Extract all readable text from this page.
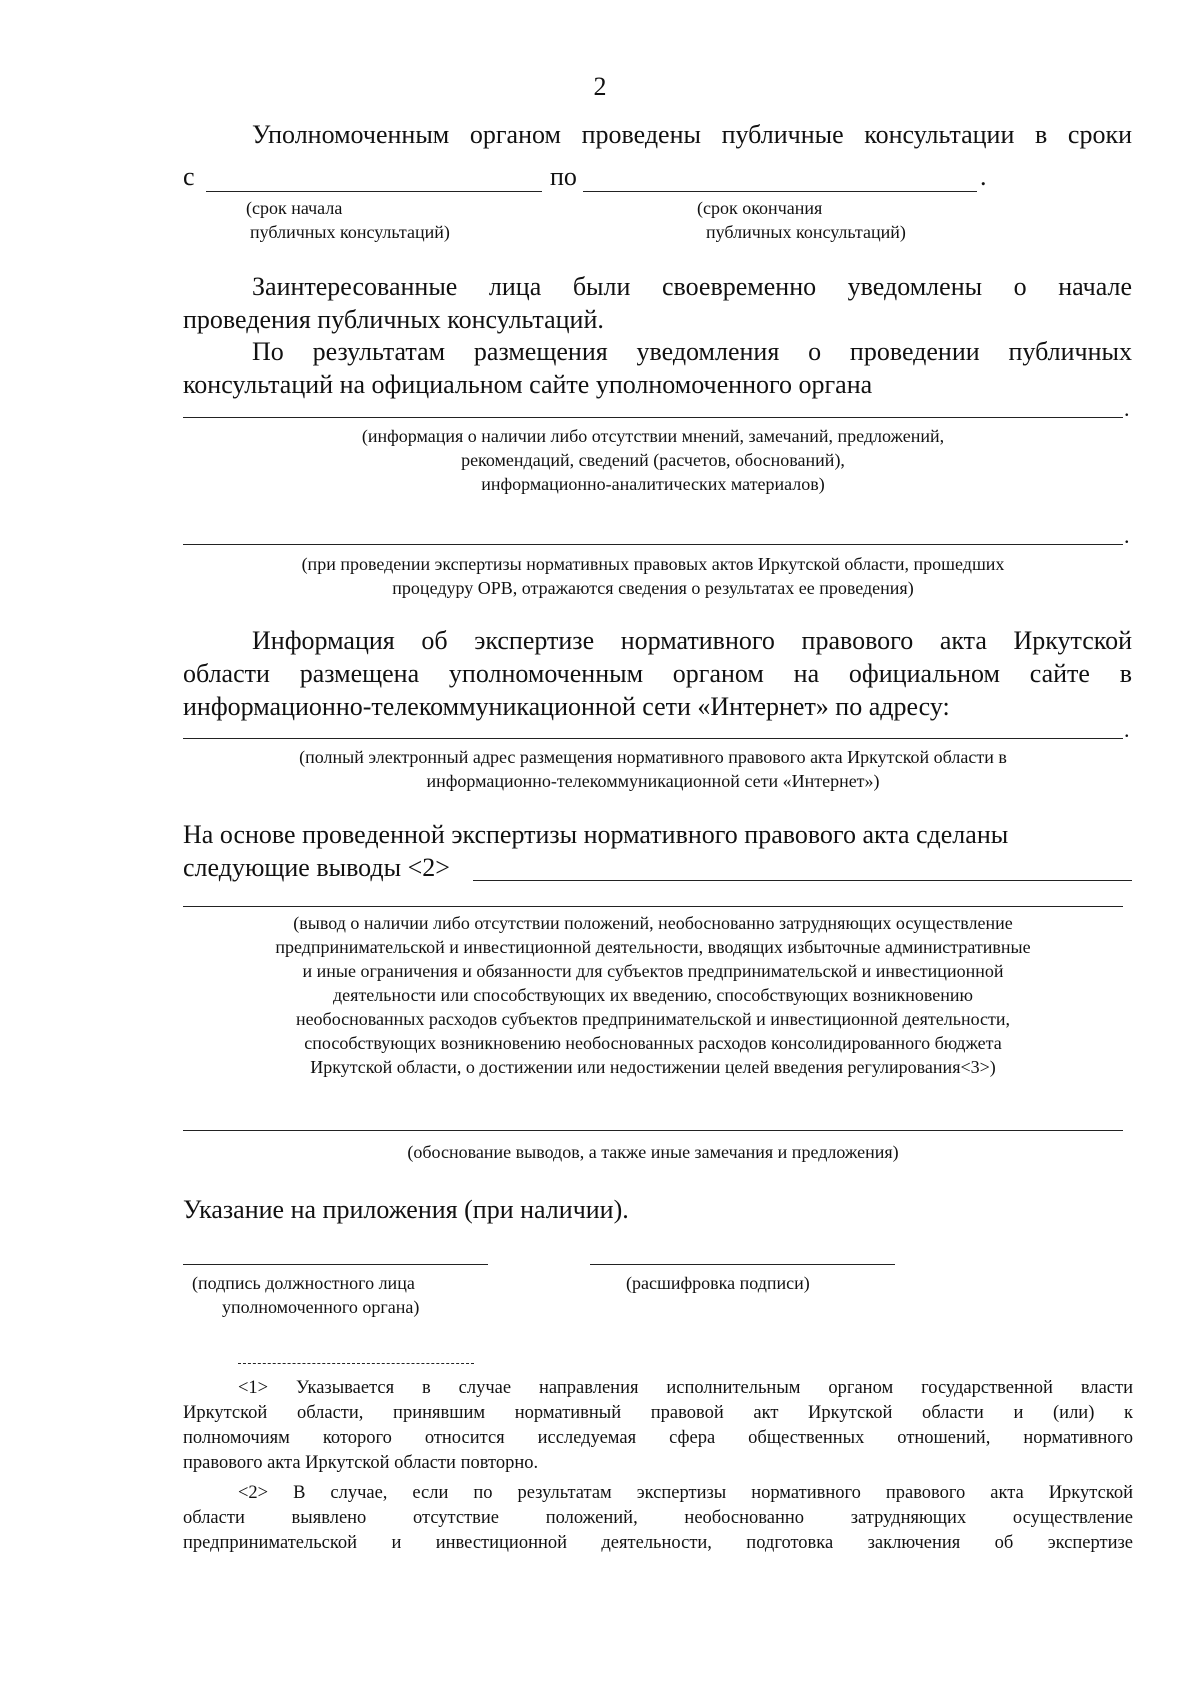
2
Уполномоченным органом проведены публичные консультации в сроки
с	по	.
(срок начала
публичных консультаций)
(срок окончания
публичных консультаций)
Заинтересованные лица были своевременно уведомлены о начале
проведения публичных консультаций.
По результатам размещения уведомления о проведении публичных
консультаций на официальном сайте уполномоченного органа
.
(информация о наличии либо отсутствии мнений, замечаний, предложений,
рекомендаций, сведений (расчетов, обоснований),
информационно-аналитических материалов)
.
(при проведении экспертизы нормативных правовых актов Иркутской области, прошедших
процедуру ОРВ, отражаются сведения о результатах ее проведения)
Информация об экспертизе нормативного правового акта Иркутской
области размещена уполномоченным органом на официальном сайте в
информационно-телекоммуникационной сети «Интернет» по адресу:
.
(полный электронный адрес размещения нормативного правового акта Иркутской области в
информационно-телекоммуникационной сети «Интернет»)
На основе проведенной экспертизы нормативного правового акта сделаны
следующие выводы <2>
(вывод о наличии либо отсутствии положений, необоснованно затрудняющих осуществление
предпринимательской и инвестиционной деятельности, вводящих избыточные административные
и иные ограничения и обязанности для субъектов предпринимательской и инвестиционной
деятельности или способствующих их введению, способствующих возникновению
необоснованных расходов субъектов предпринимательской и инвестиционной деятельности,
способствующих возникновению необоснованных расходов консолидированного бюджета
Иркутской области, о достижении или недостижении целей введения регулирования<3>)
(обоснование выводов, а также иные замечания и предложения)
Указание на приложения (при наличии).
(подпись должностного лица
уполномоченного органа)
(расшифровка подписи)
<1> Указывается в случае направления исполнительным органом государственной власти
Иркутской области, принявшим нормативный правовой акт Иркутской области и (или) к
полномочиям которого относится исследуемая сфера общественных отношений, нормативного
правового акта Иркутской области повторно.
<2> В случае, если по результатам экспертизы нормативного правового акта Иркутской
области выявлено отсутствие положений, необоснованно затрудняющих осуществление
предпринимательской и инвестиционной деятельности, подготовка заключения об экспертизе
